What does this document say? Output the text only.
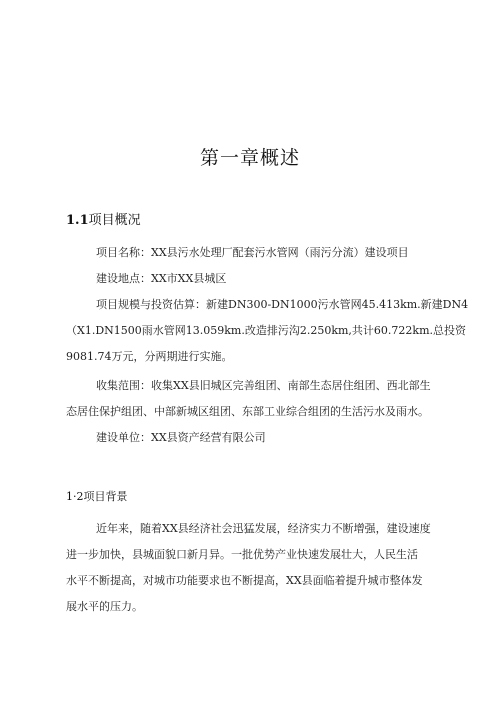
第一章概述
1.1项目概况
项目名称：XX县污水处理厂配套污水管网（雨污分流）建设项目
建设地点：XX市XX县城区
项目规模与投资估算：新建DN300-DN1000污水管网45.413km.新建DN4
（X1.DN1500雨水管网13.059km.改造排污沟2.250km,共计60.722km.总投资
9081.74万元，分两期进行实施。
收集范围：收集XX县旧城区完善组团、南部生态居住组团、西北部生
态居住保护组团、中部新城区组团、东部工业综合组团的生活污水及雨水。
建设单位：XX县资产经营有限公司
1·2项目背景
近年来，随着XX县经济社会迅猛发展，经济实力不断增强，建设速度
进一步加快，县城面貌口新月异。一批优势产业快速发展壮大，人民生活
水平不断提高，对城市功能要求也不断提高，XX县面临着提升城市整体发
展水平的压力。
